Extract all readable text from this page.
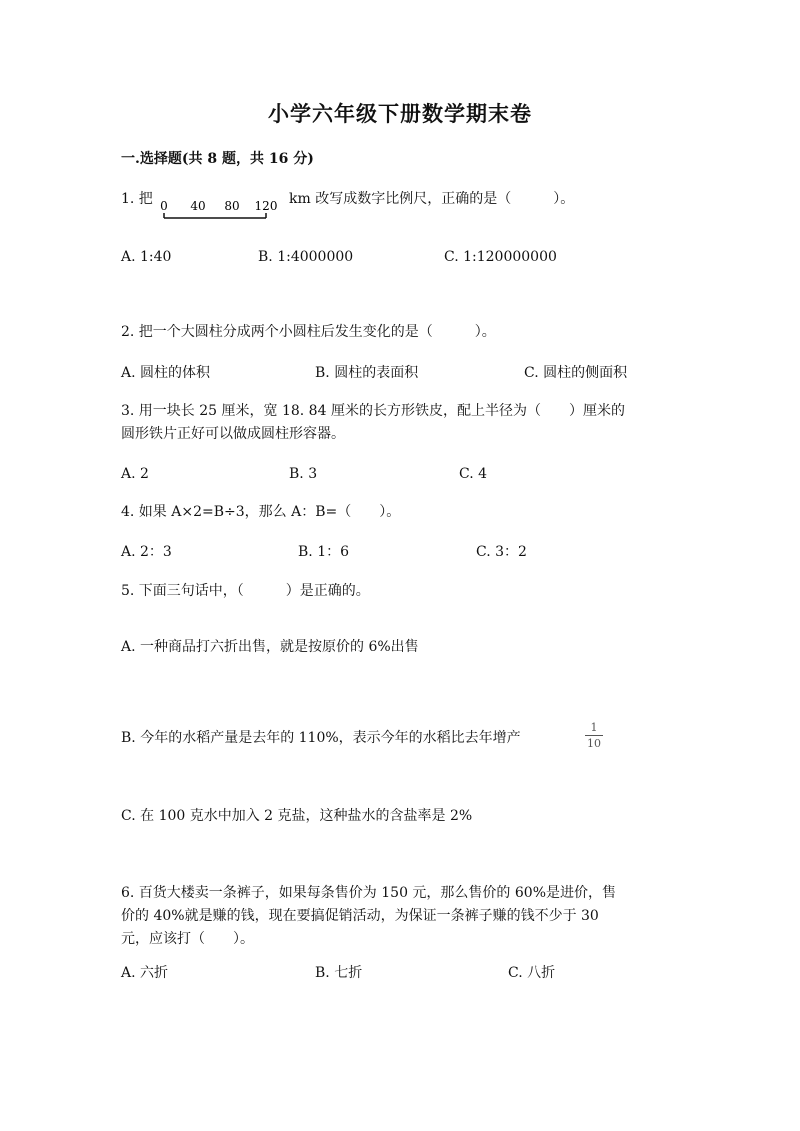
小学六年级下册数学期末卷
一.选择题(共 8 题，共 16 分)
1. 把 0 40 80 120 km 改写成数字比例尺，正确的是（　　　）。
A. 1:40	B. 1:4000000	C. 1:120000000
2. 把一个大圆柱分成两个小圆柱后发生变化的是（　　　）。
A. 圆柱的体积	B. 圆柱的表面积	C. 圆柱的侧面积
3. 用一块长 25 厘米，宽 18. 84 厘米的长方形铁皮，配上半径为（　　）厘米的
圆形铁片正好可以做成圆柱形容器。
A. 2	B. 3	C. 4
4. 如果 A×2=B÷3，那么 A：B=（　　）。
A. 2：3	B. 1：6	C. 3：2
5. 下面三句话中，（　　　）是正确的。
A. 一种商品打六折出售，就是按原价的 6%出售
B. 今年的水稻产量是去年的 110%，表示今年的水稻比去年增产
1
10
C. 在 100 克水中加入 2 克盐，这种盐水的含盐率是 2%
6. 百货大楼卖一条裤子，如果每条售价为 150 元，那么售价的 60%是进价，售
价的 40%就是赚的钱，现在要搞促销活动，为保证一条裤子赚的钱不少于 30
元，应该打（　　）。
A. 六折	B. 七折	C. 八折
